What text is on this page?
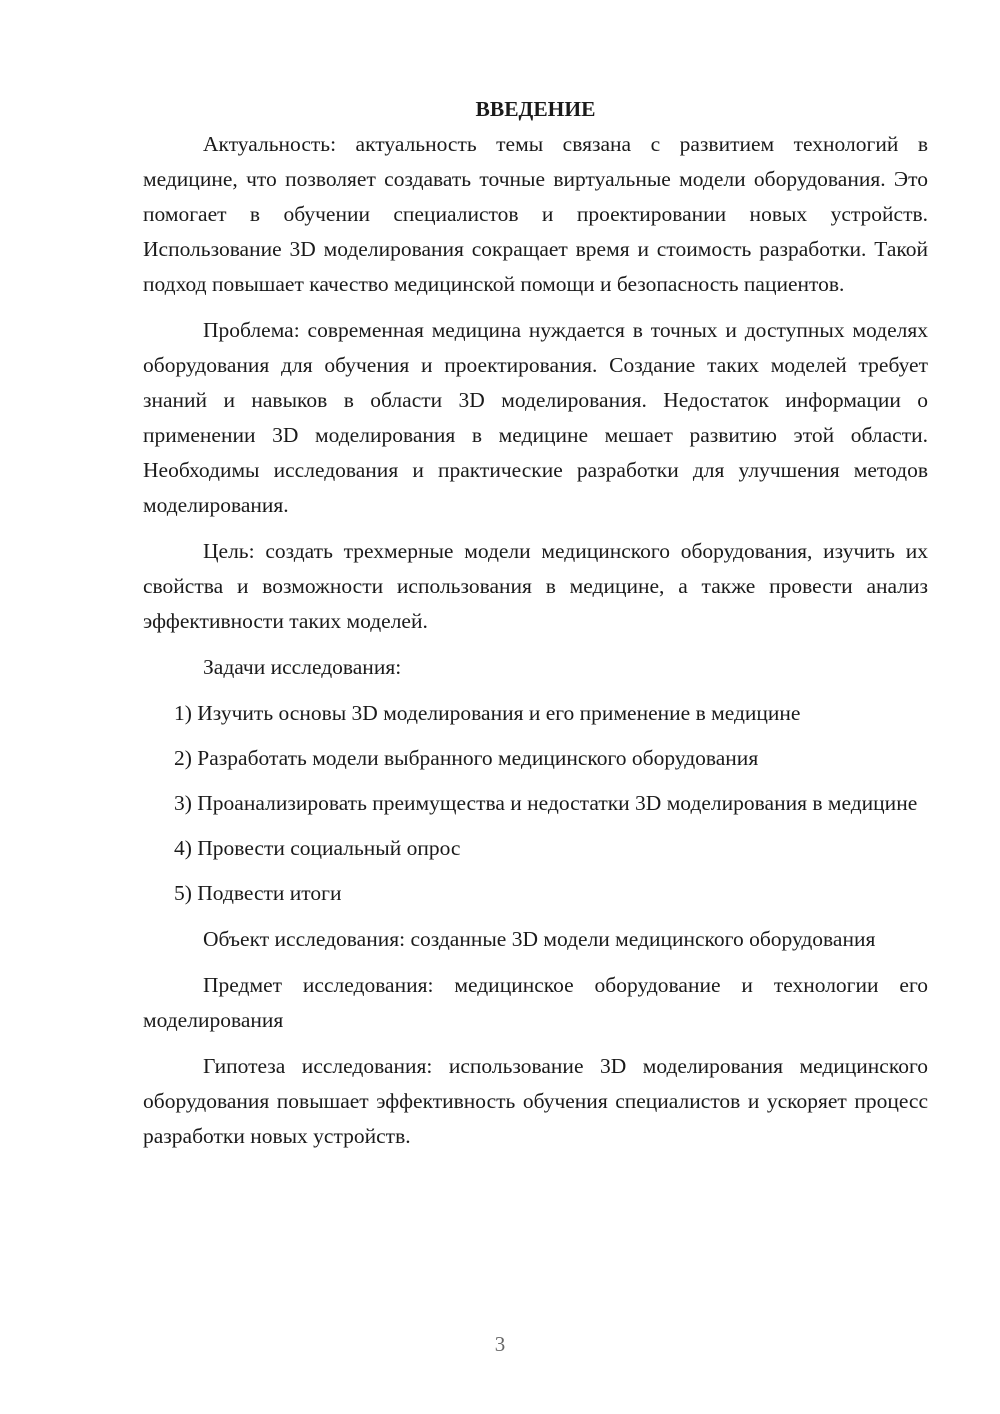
ВВЕДЕНИЕ

Актуальность: актуальность темы связана с развитием технологий в медицине, что позволяет создавать точные виртуальные модели оборудования. Это помогает в обучении специалистов и проектировании новых устройств. Использование 3D моделирования сокращает время и стоимость разработки. Такой подход повышает качество медицинской помощи и безопасность пациентов.

Проблема: современная медицина нуждается в точных и доступных моделях оборудования для обучения и проектирования. Создание таких моделей требует знаний и навыков в области 3D моделирования. Недостаток информации о применении 3D моделирования в медицине мешает развитию этой области. Необходимы исследования и практические разработки для улучшения методов моделирования.

Цель: создать трехмерные модели медицинского оборудования, изучить их свойства и возможности использования в медицине, а также провести анализ эффективности таких моделей.

Задачи исследования:

1) Изучить основы 3D моделирования и его применение в медицине

2) Разработать модели выбранного медицинского оборудования

3) Проанализировать преимущества и недостатки 3D моделирования в медицине

4) Провести социальный опрос

5) Подвести итоги

Объект исследования: созданные 3D модели медицинского оборудования

Предмет исследования: медицинское оборудование и технологии его моделирования

Гипотеза исследования: использование 3D моделирования медицинского оборудования повышает эффективность обучения специалистов и ускоряет процесс разработки новых устройств.

3
